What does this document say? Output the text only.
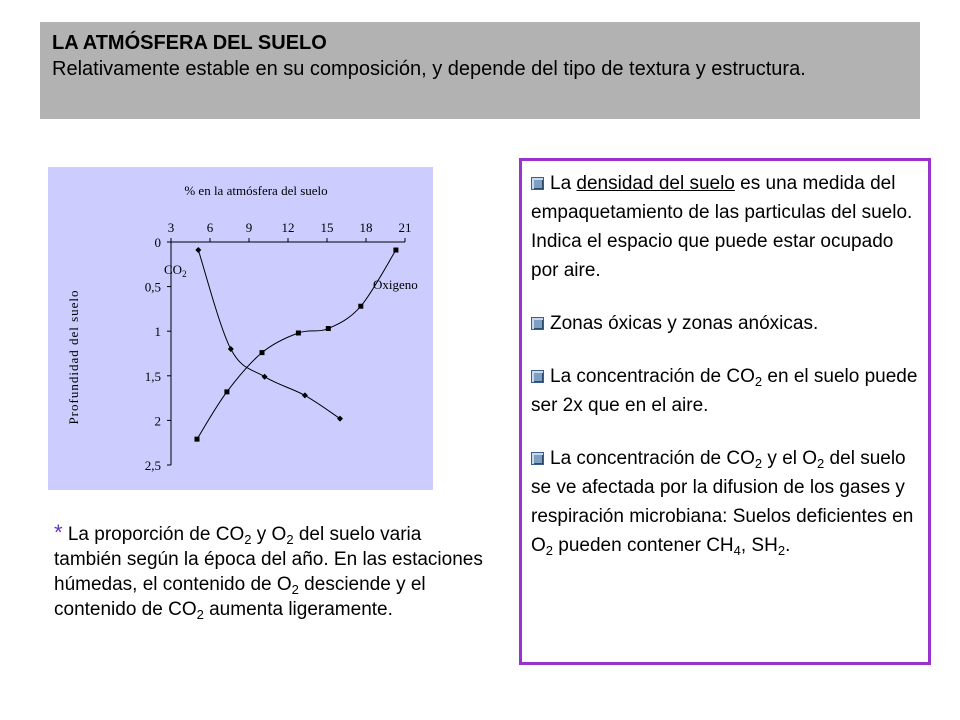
LA ATMÓSFERA DEL SUELO
Relativamente estable en su composición, y depende del tipo de textura y estructura.
% en la atmósfera del suelo
Profundidad del suelo
3	6	9 12 15 18 21
0
0,5
1
1,5
2
2,5
$CO_2$
Oxigeno
* La proporción de $CO_2$ y $O_2$ del suelo varia también según la época del año. En las estaciones húmedas, el contenido de $O_2$ desciende y el contenido de $CO_2$ aumenta ligeramente.
La densidad del suelo es una medida del empaquetamiento de las particulas del suelo. Indica el espacio que puede estar ocupado por aire.
Zonas óxicas y zonas anóxicas.
La concentración de $CO_2$ en el suelo puede ser 2x que en el aire.
La concentración de $CO_2$ y el $O_2$ del suelo se ve afectada por la difusion de los gases y respiración microbiana: Suelos deficientes en $O_2$ pueden contener $CH_4$, $SH_2$.
